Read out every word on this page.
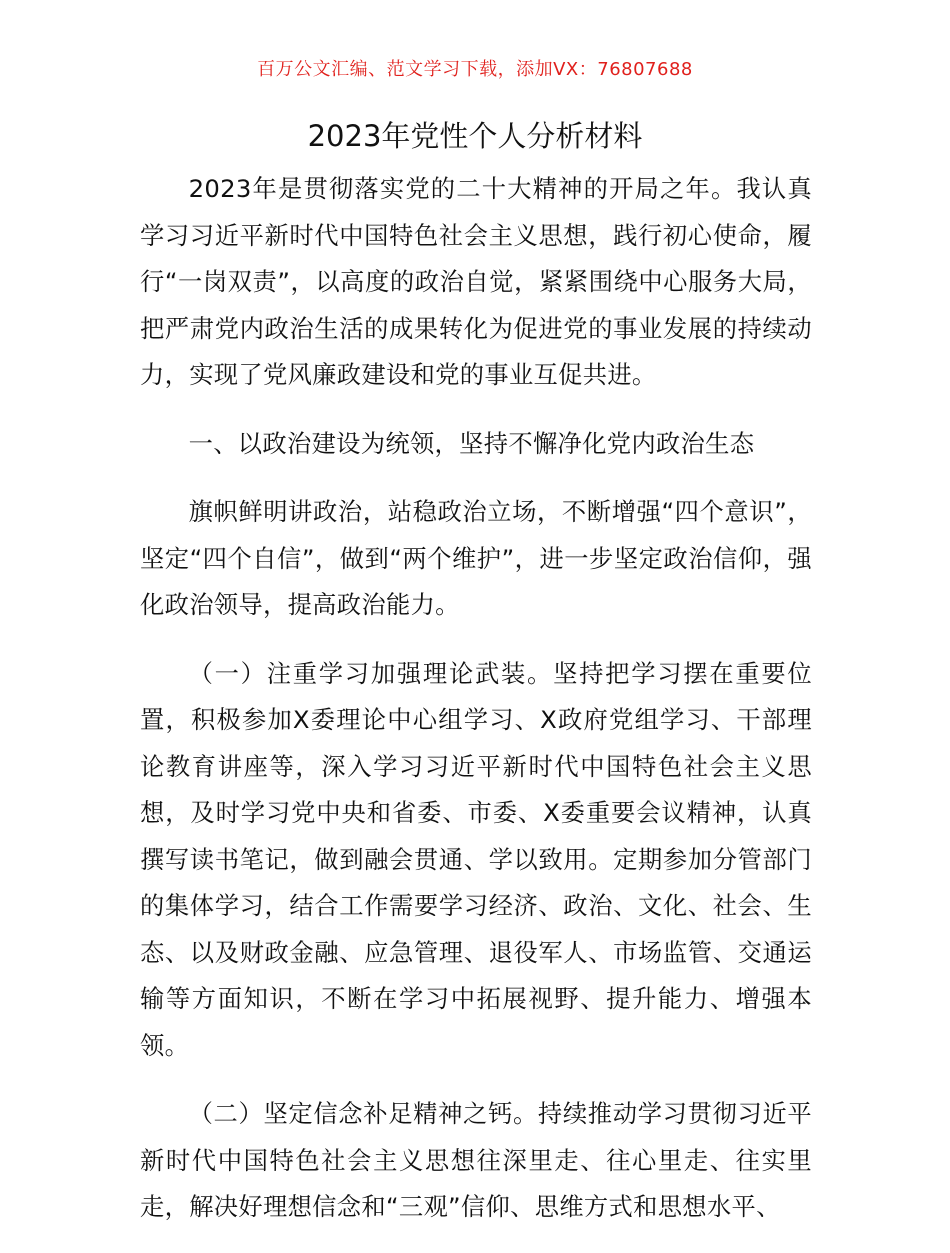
百万公文汇编、范文学习下载，添加VX：76807688
2023年党性个人分析材料

2023年是贯彻落实党的二十大精神的开局之年。我认真学习习近平新时代中国特色社会主义思想，践行初心使命，履行“一岗双责”，以高度的政治自觉，紧紧围绕中心服务大局，把严肃党内政治生活的成果转化为促进党的事业发展的持续动力，实现了党风廉政建设和党的事业互促共进。

一、以政治建设为统领，坚持不懈净化党内政治生态

旗帜鲜明讲政治，站稳政治立场，不断增强“四个意识”，坚定“四个自信”，做到“两个维护”，进一步坚定政治信仰，强化政治领导，提高政治能力。

（一）注重学习加强理论武装。坚持把学习摆在重要位置，积极参加X委理论中心组学习、X政府党组学习、干部理论教育讲座等，深入学习习近平新时代中国特色社会主义思想，及时学习党中央和省委、市委、X委重要会议精神，认真撰写读书笔记，做到融会贯通、学以致用。定期参加分管部门的集体学习，结合工作需要学习经济、政治、文化、社会、生态、以及财政金融、应急管理、退役军人、市场监管、交通运输等方面知识，不断在学习中拓展视野、提升能力、增强本领。

（二）坚定信念补足精神之钙。持续推动学习贯彻习近平新时代中国特色社会主义思想往深里走、往心里走、往实里走，解决好理想信念和“三观”信仰、思维方式和思想水平、
